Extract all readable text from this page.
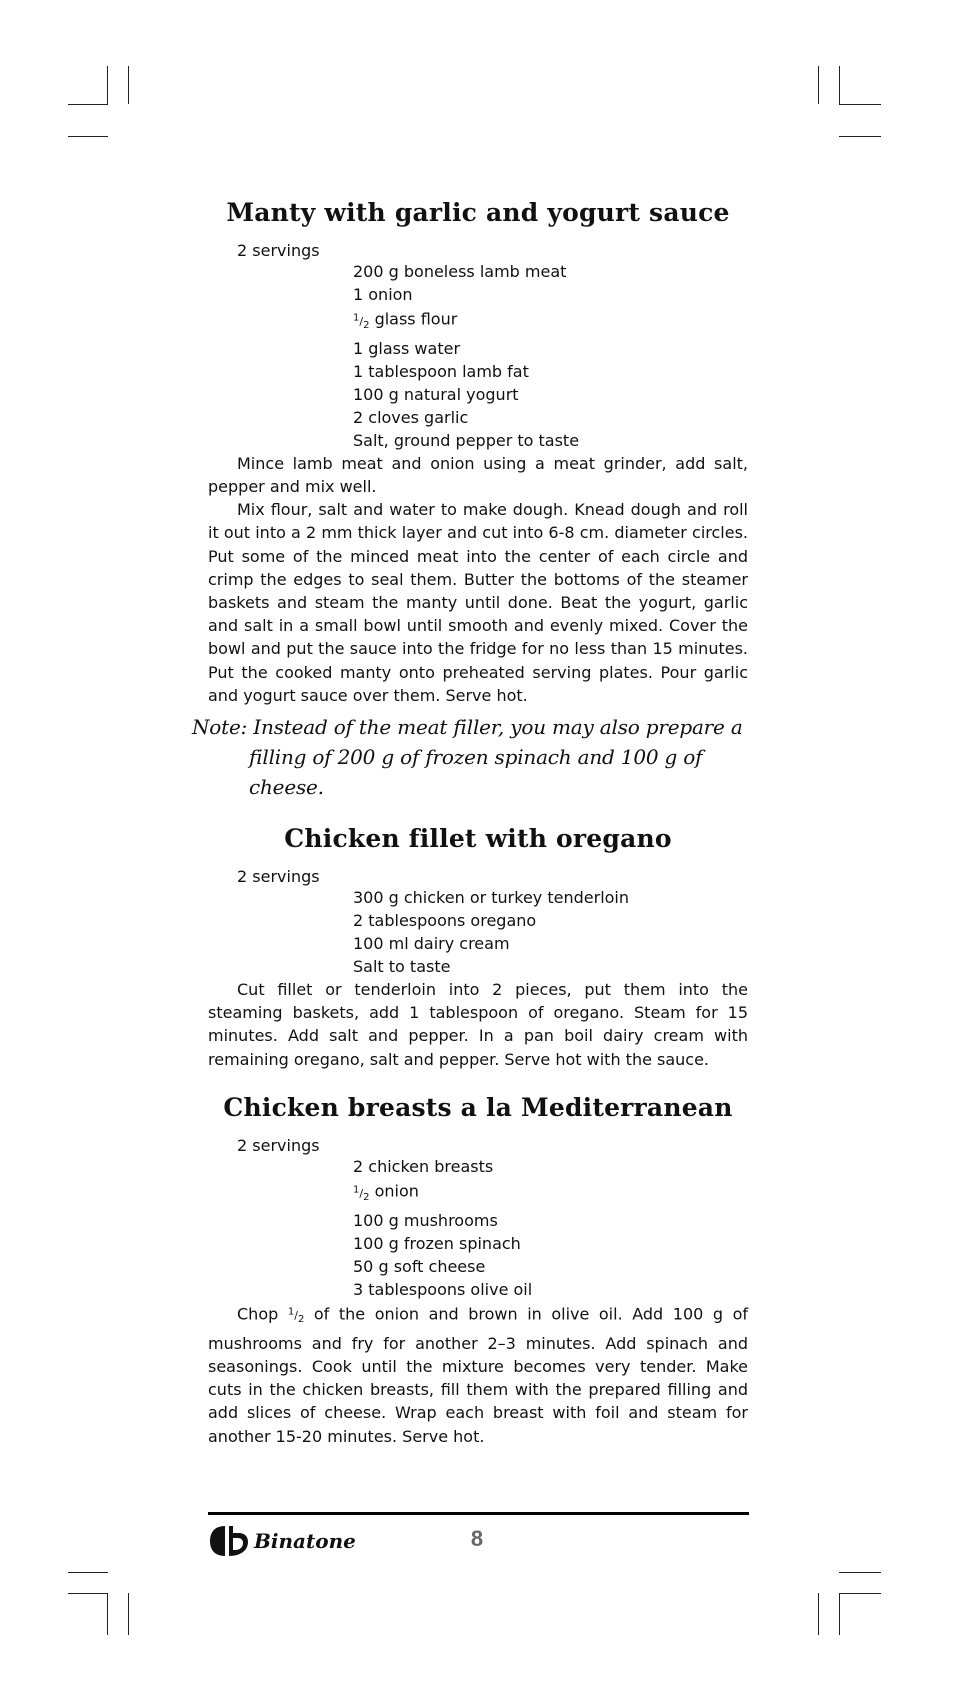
Manty with garlic and yogurt sauce
2 servings
200 g boneless lamb meat
1 onion
$^1/_2$ glass flour
1 glass water
1 tablespoon lamb fat
100 g natural yogurt
2 cloves garlic
Salt, ground pepper to taste

Mince lamb meat and onion using a meat grinder, add salt, pepper and mix well.

Mix flour, salt and water to make dough. Knead dough and roll it out into a 2 mm thick layer and cut into 6-8 cm. diameter circles. Put some of the minced meat into the center of each circle and crimp the edges to seal them. Butter the bottoms of the steamer baskets and steam the manty until done. Beat the yogurt, garlic and salt in a small bowl until smooth and evenly mixed. Cover the bowl and put the sauce into the fridge for no less than 15 minutes. Put the cooked manty onto preheated serving plates. Pour garlic and yogurt sauce over them. Serve hot.

Note: Instead of the meat filler, you may also prepare a
filling of 200 g of frozen spinach and 100 g of cheese.
Chicken fillet with oregano
2 servings
300 g chicken or turkey tenderloin
2 tablespoons oregano
100 ml dairy cream
Salt to taste

Cut fillet or tenderloin into 2 pieces, put them into the steaming baskets, add 1 tablespoon of oregano. Steam for 15 minutes. Add salt and pepper. In a pan boil dairy cream with remaining oregano, salt and pepper. Serve hot with the sauce.

Chicken breasts a la Mediterranean
2 servings
2 chicken breasts
$^1/_2$ onion
100 g mushrooms
100 g frozen spinach
50 g soft cheese
3 tablespoons olive oil

Chop $^1/_2$ of the onion and brown in olive oil. Add 100 g of mushrooms and fry for another 2–3 minutes. Add spinach and seasonings. Cook until the mixture becomes very tender. Make cuts in the chicken breasts, fill them with the prepared filling and add slices of cheese. Wrap each breast with foil and steam for another 15-20 minutes. Serve hot.

Binatone	8
